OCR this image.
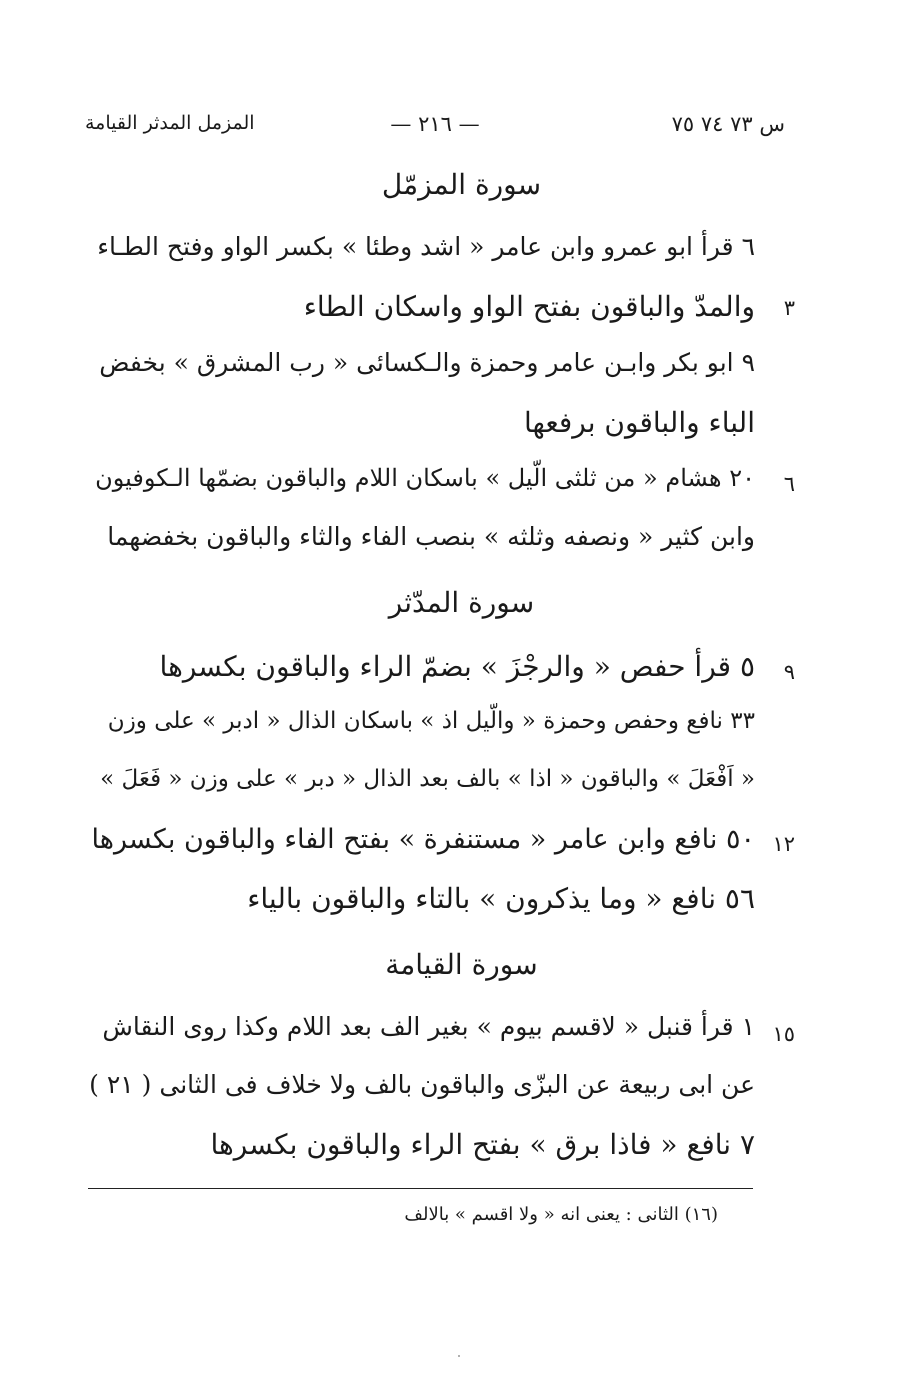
س ٧٣ ٧٤ ٧٥
— ٢١٦ —
المزمل المدثر القيامة
سورة المزمّل
٦ قرأ ابو عمرو وابن عامر « اشد وطئا » بكسر الواو وفتح الطـاء
٣
والمدّ والباقون بفتح الواو واسكان الطاء
٩ ابو بكر وابـن عامر وحمزة والـكسائى « رب المشرق » بخفض
الباء والباقون برفعها
٦
٢٠ هشام « من ثلثى الّيل » باسكان اللام والباقون بضمّها الـكوفيون
وابن كثير « ونصفه وثلثه » بنصب الفاء والثاء والباقون بخفضهما
سورة المدّثر
٩
٥ قرأ حفص « والرجْزَ » بضمّ الراء والباقون بكسرها
٣٣ نافع وحفص وحمزة « والّيل اذ » باسكان الذال « ادبر » على وزن
« اَفْعَلَ » والباقون « اذا » بالف بعد الذال « دبر » على وزن « فَعَلَ »
١٢
٥٠ نافع وابن عامر « مستنفرة » بفتح الفاء والباقون بكسرها
٥٦ نافع « وما يذكرون » بالتاء والباقون بالياء
سورة القيامة
١٥
١ قرأ قنبل « لاقسم بيوم » بغير الف بعد اللام وكذا روى النقاش
عن ابى ربيعة عن البزّى والباقون بالف ولا خلاف فى الثانى ( ٢١ )
٧ نافع « فاذا برق » بفتح الراء والباقون بكسرها
(١٦) الثانى : يعنى انه « ولا اقسم » بالالف
